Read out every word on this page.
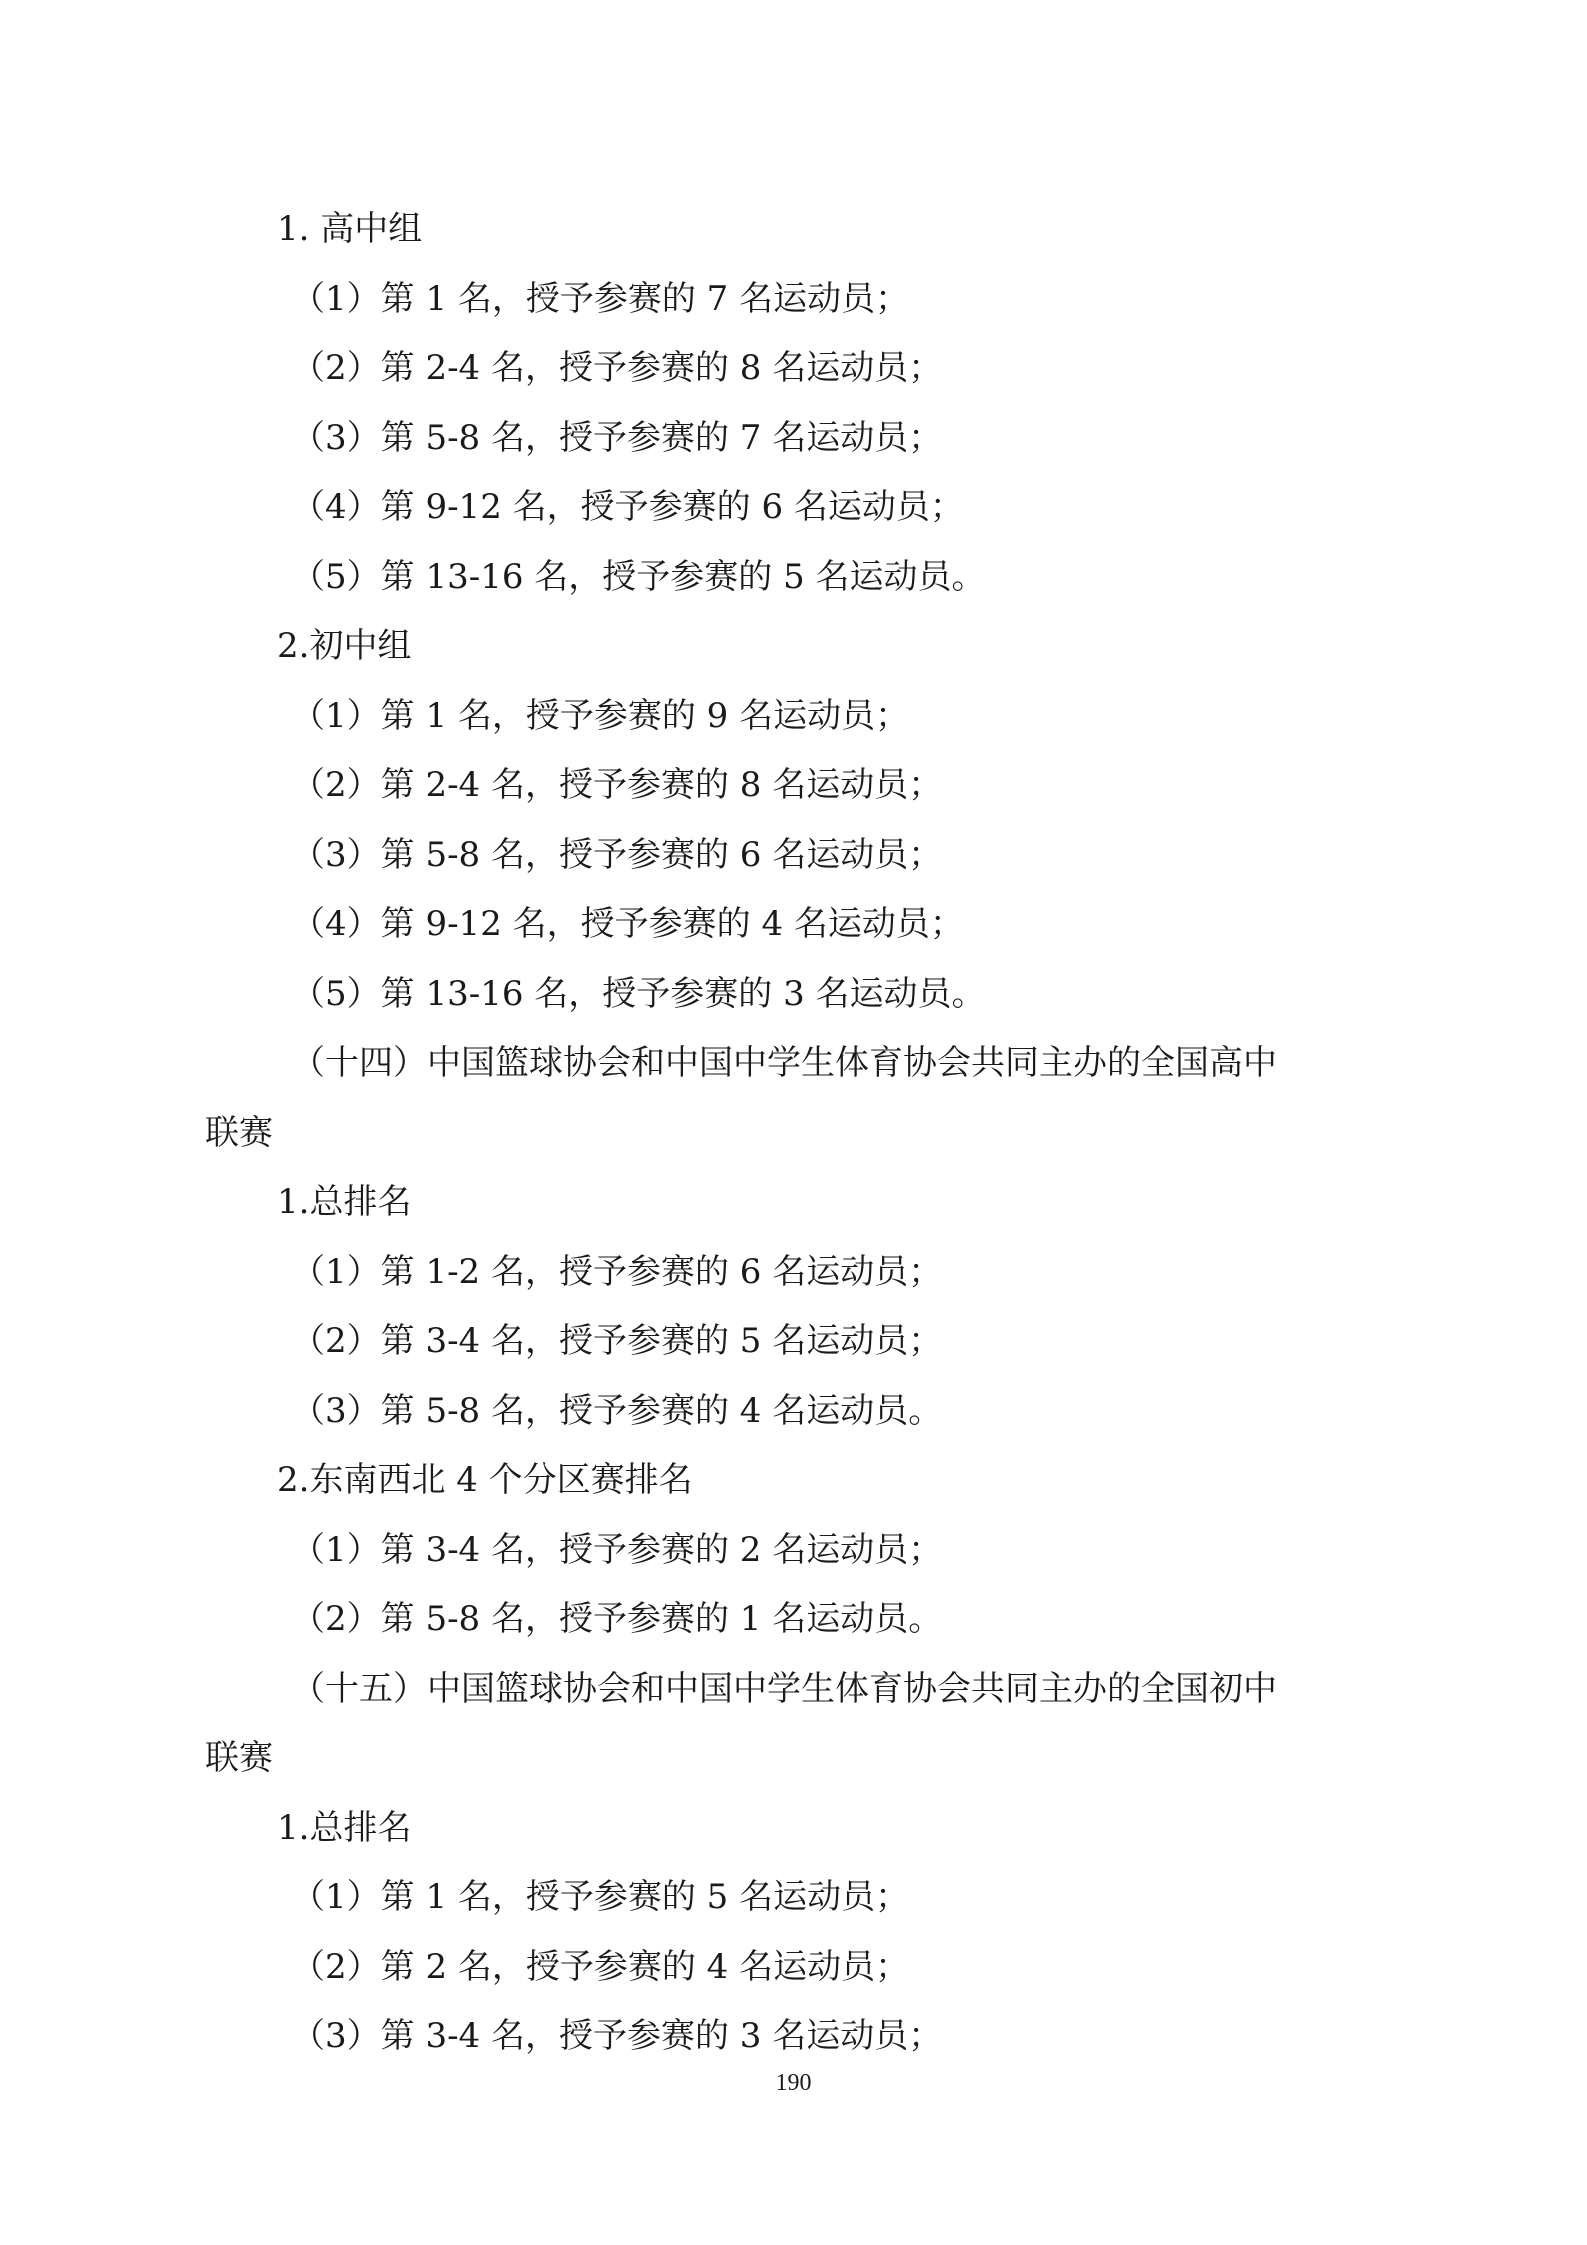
1. 高中组
（1）第 1 名，授予参赛的 7 名运动员；
（2）第 2-4 名，授予参赛的 8 名运动员；
（3）第 5-8 名，授予参赛的 7 名运动员；
（4）第 9-12 名，授予参赛的 6 名运动员；
（5）第 13-16 名，授予参赛的 5 名运动员。
2.初中组
（1）第 1 名，授予参赛的 9 名运动员；
（2）第 2-4 名，授予参赛的 8 名运动员；
（3）第 5-8 名，授予参赛的 6 名运动员；
（4）第 9-12 名，授予参赛的 4 名运动员；
（5）第 13-16 名，授予参赛的 3 名运动员。
（十四）中国篮球协会和中国中学生体育协会共同主办的全国高中
联赛
1.总排名
（1）第 1-2 名，授予参赛的 6 名运动员；
（2）第 3-4 名，授予参赛的 5 名运动员；
（3）第 5-8 名，授予参赛的 4 名运动员。
2.东南西北 4 个分区赛排名
（1）第 3-4 名，授予参赛的 2 名运动员；
（2）第 5-8 名，授予参赛的 1 名运动员。
（十五）中国篮球协会和中国中学生体育协会共同主办的全国初中
联赛
1.总排名
（1）第 1 名，授予参赛的 5 名运动员；
（2）第 2 名，授予参赛的 4 名运动员；
（3）第 3-4 名，授予参赛的 3 名运动员；
190
